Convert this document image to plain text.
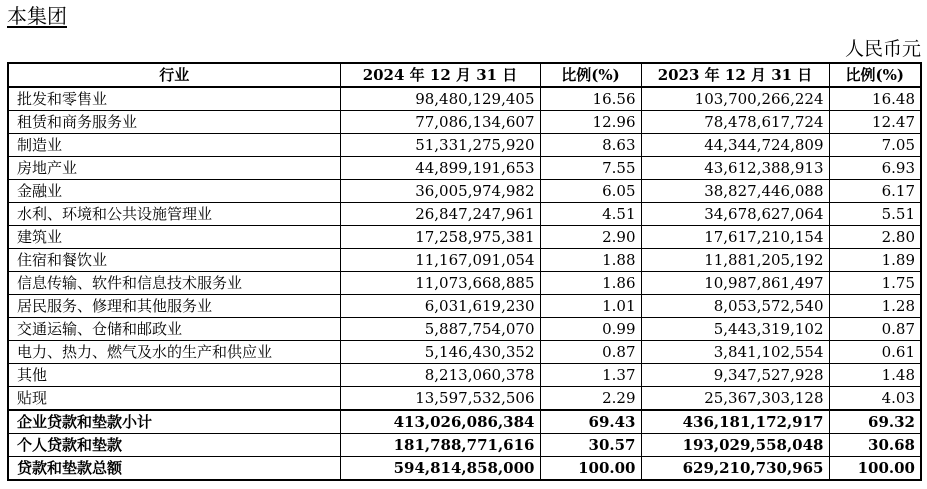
本集团
人民币元
行业	2024 年 12 月 31 日	比例(%)	2023 年 12 月 31 日	比例(%)
批发和零售业	98,480,129,405	16.56	103,700,266,224	16.48
租赁和商务服务业	77,086,134,607	12.96	78,478,617,724	12.47
制造业	51,331,275,920	8.63	44,344,724,809	7.05
房地产业	44,899,191,653	7.55	43,612,388,913	6.93
金融业	36,005,974,982	6.05	38,827,446,088	6.17
水利、环境和公共设施管理业	26,847,247,961	4.51	34,678,627,064	5.51
建筑业	17,258,975,381	2.90	17,617,210,154	2.80
住宿和餐饮业	11,167,091,054	1.88	11,881,205,192	1.89
信息传输、软件和信息技术服务业	11,073,668,885	1.86	10,987,861,497	1.75
居民服务、修理和其他服务业	6,031,619,230	1.01	8,053,572,540	1.28
交通运输、仓储和邮政业	5,887,754,070	0.99	5,443,319,102	0.87
电力、热力、燃气及水的生产和供应业	5,146,430,352	0.87	3,841,102,554	0.61
其他	8,213,060,378	1.37	9,347,527,928	1.48
贴现	13,597,532,506	2.29	25,367,303,128	4.03
企业贷款和垫款小计	413,026,086,384	69.43	436,181,172,917	69.32
个人贷款和垫款	181,788,771,616	30.57	193,029,558,048	30.68
贷款和垫款总额	594,814,858,000	100.00	629,210,730,965	100.00
